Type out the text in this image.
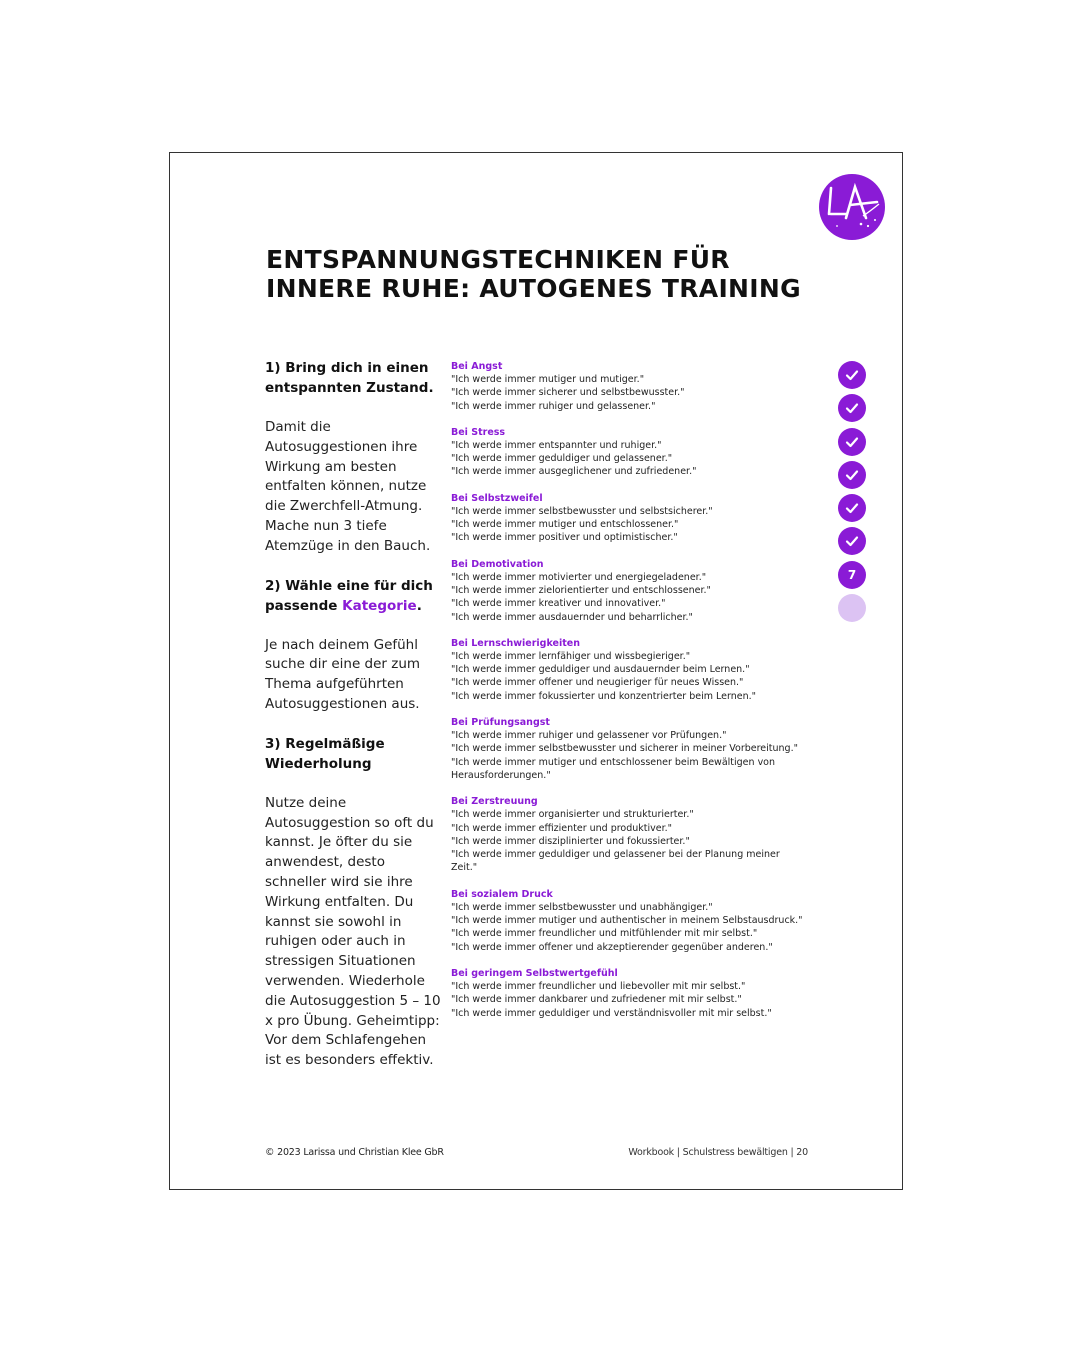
ENTSPANNUNGSTECHNIKEN FÜR
INNERE RUHE: AUTOGENES TRAINING

1) Bring dich in einen entspannten Zustand.

Damit die Autosuggestionen ihre Wirkung am besten entfalten können, nutze die Zwerchfell-Atmung. Mache nun 3 tiefe Atemzüge in den Bauch.

2) Wähle eine für dich passende Kategorie.

Je nach deinem Gefühl suche dir eine der zum Thema aufgeführten Autosuggestionen aus.

3) Regelmäßige Wiederholung

Nutze deine Autosuggestion so oft du kannst. Je öfter du sie anwendest, desto schneller wird sie ihre Wirkung entfalten. Du kannst sie sowohl in ruhigen oder auch in stressigen Situationen verwenden. Wiederhole die Autosuggestion 5 – 10 x pro Übung. Geheimtipp: Vor dem Schlafengehen ist es besonders effektiv.

Bei Angst

"Ich werde immer mutiger und mutiger."

"Ich werde immer sicherer und selbstbewusster."

"Ich werde immer ruhiger und gelassener."

Bei Stress

"Ich werde immer entspannter und ruhiger."

"Ich werde immer geduldiger und gelassener."

"Ich werde immer ausgeglichener und zufriedener."

Bei Selbstzweifel

"Ich werde immer selbstbewusster und selbstsicherer."

"Ich werde immer mutiger und entschlossener."

"Ich werde immer positiver und optimistischer."

Bei Demotivation

"Ich werde immer motivierter und energiegeladener."

"Ich werde immer zielorientierter und entschlossener."

"Ich werde immer kreativer und innovativer."

"Ich werde immer ausdauernder und beharrlicher."

Bei Lernschwierigkeiten

"Ich werde immer lernfähiger und wissbegieriger."

"Ich werde immer geduldiger und ausdauernder beim Lernen."

"Ich werde immer offener und neugieriger für neues Wissen."

"Ich werde immer fokussierter und konzentrierter beim Lernen."

Bei Prüfungsangst

"Ich werde immer ruhiger und gelassener vor Prüfungen."

"Ich werde immer selbstbewusster und sicherer in meiner Vorbereitung."

"Ich werde immer mutiger und entschlossener beim Bewältigen von Herausforderungen."

Bei Zerstreuung

"Ich werde immer organisierter und strukturierter."

"Ich werde immer effizienter und produktiver."

"Ich werde immer disziplinierter und fokussierter."

"Ich werde immer geduldiger und gelassener bei der Planung meiner Zeit."

Bei sozialem Druck

"Ich werde immer selbstbewusster und unabhängiger."

"Ich werde immer mutiger und authentischer in meinem Selbstausdruck."

"Ich werde immer freundlicher und mitfühlender mit mir selbst."

"Ich werde immer offener und akzeptierender gegenüber anderen."

Bei geringem Selbstwertgefühl

"Ich werde immer freundlicher und liebevoller mit mir selbst."

"Ich werde immer dankbarer und zufriedener mit mir selbst."

"Ich werde immer geduldiger und verständnisvoller mit mir selbst."

7
© 2023 Larissa und Christian Klee GbR	Workbook | Schulstress bewältigen | 20
